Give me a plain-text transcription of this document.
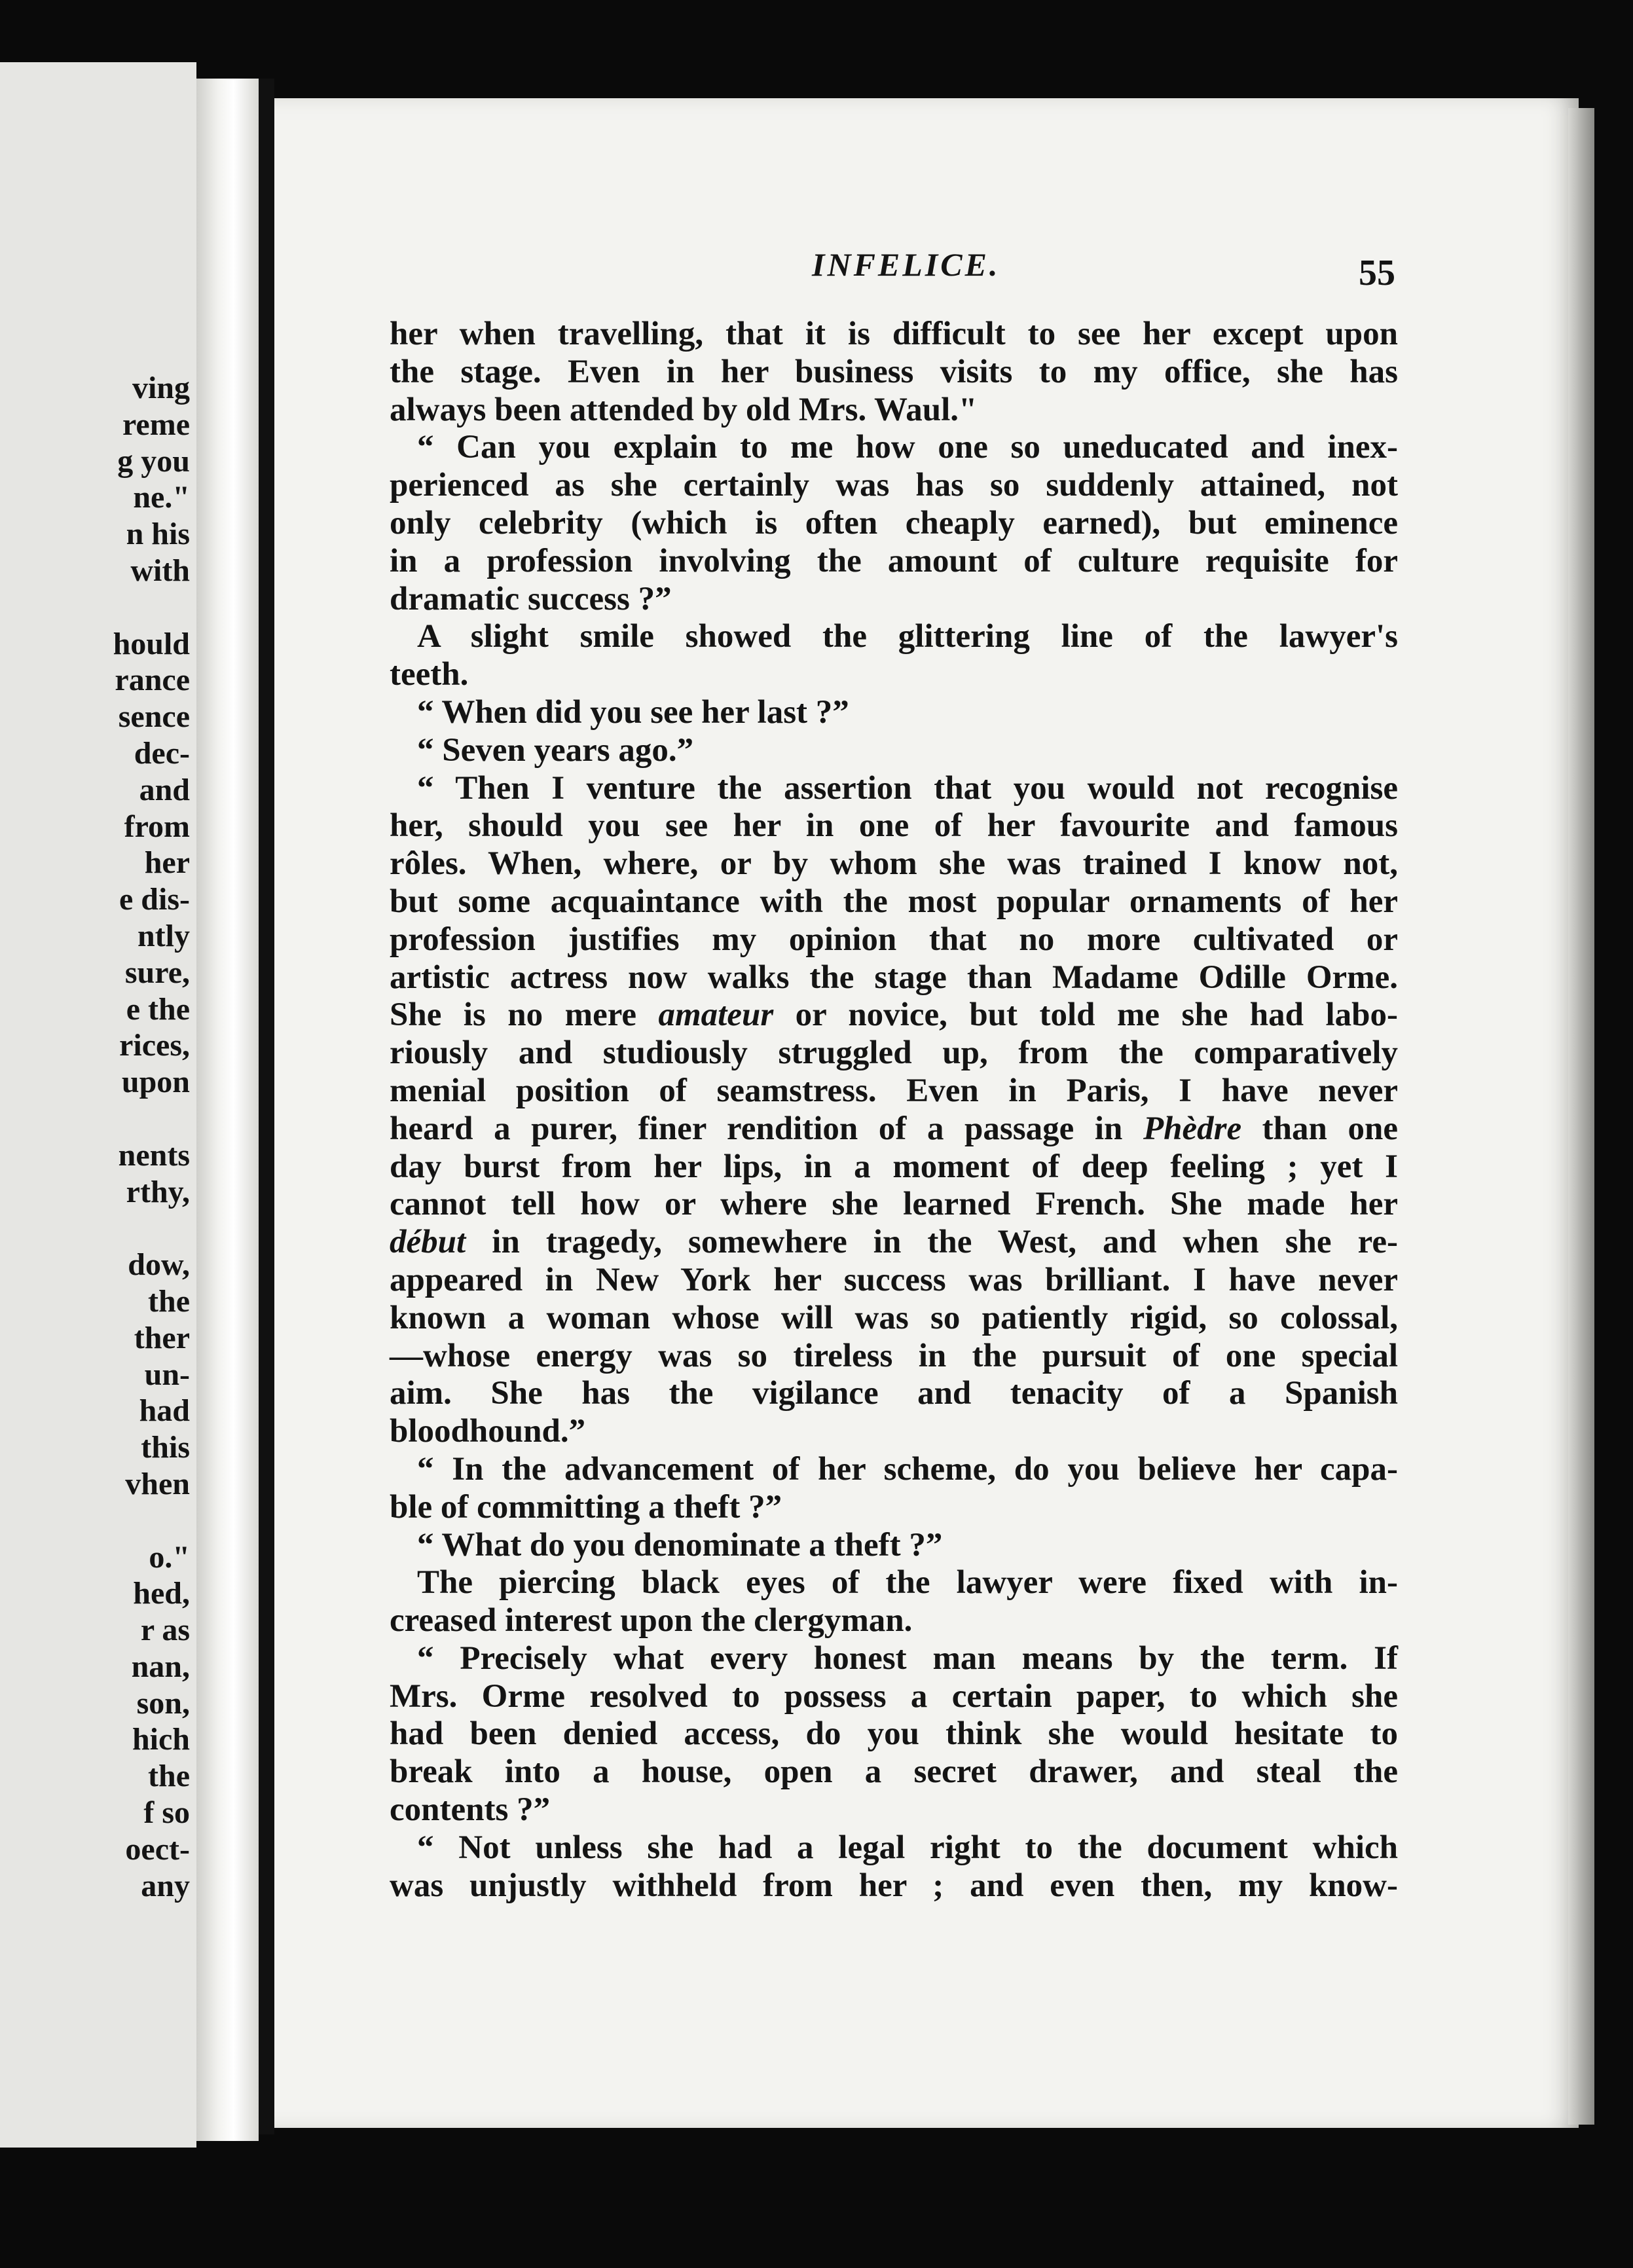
ving
reme
g you
ne."
n his
with
hould
rance
sence
dec-
and
from
her
e dis-
ntly
sure,
e the
rices,
upon
nents
rthy,
dow,
the
ther
un-
had
this
vhen
o."
hed,
r as
nan,
son,
hich
the
f so
oect-
any
INFELICE.	55
her when travelling, that it is difficult to see her except upon
the stage. Even in her business visits to my office, she has
always been attended by old Mrs. Waul."
“ Can you explain to me how one so uneducated and inex-
perienced as she certainly was has so suddenly attained, not
only celebrity (which is often cheaply earned), but eminence
in a profession involving the amount of culture requisite for
dramatic success ?”
A slight smile showed the glittering line of the lawyer's
teeth.
“ When did you see her last ?”
“ Seven years ago.”
“ Then I venture the assertion that you would not recognise
her, should you see her in one of her favourite and famous
rôles. When, where, or by whom she was trained I know not,
but some acquaintance with the most popular ornaments of her
profession justifies my opinion that no more cultivated or
artistic actress now walks the stage than Madame Odille Orme.
She is no mere amateur or novice, but told me she had labo-
riously and studiously struggled up, from the comparatively
menial position of seamstress. Even in Paris, I have never
heard a purer, finer rendition of a passage in Phèdre than one
day burst from her lips, in a moment of deep feeling ; yet I
cannot tell how or where she learned French. She made her
début in tragedy, somewhere in the West, and when she re-
appeared in New York her success was brilliant. I have never
known a woman whose will was so patiently rigid, so colossal,
—whose energy was so tireless in the pursuit of one special
aim. She has the vigilance and tenacity of a Spanish
bloodhound.”
“ In the advancement of her scheme, do you believe her capa-
ble of committing a theft ?”
“ What do you denominate a theft ?”
The piercing black eyes of the lawyer were fixed with in-
creased interest upon the clergyman.
“ Precisely what every honest man means by the term. If
Mrs. Orme resolved to possess a certain paper, to which she
had been denied access, do you think she would hesitate to
break into a house, open a secret drawer, and steal the
contents ?”
“ Not unless she had a legal right to the document which
was unjustly withheld from her ; and even then, my know-
